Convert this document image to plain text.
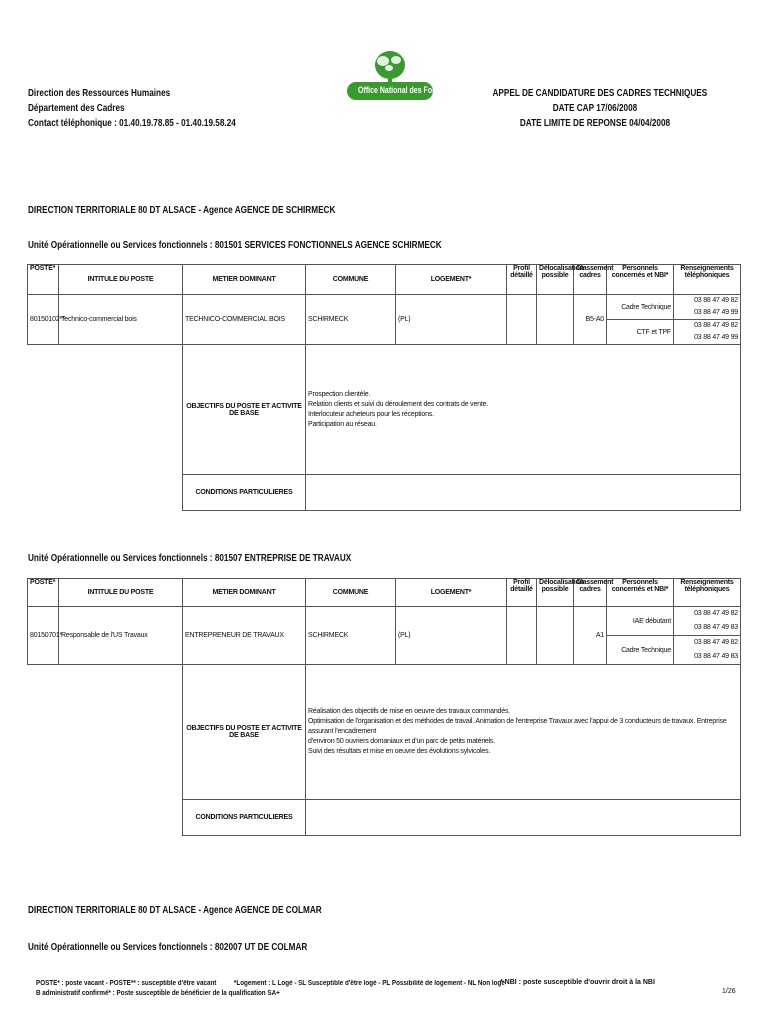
Direction des Ressources Humaines
Département des Cadres
Contact téléphonique : 01.40.19.78.85 - 01.40.19.58.24
Office National des Forêts	APPEL DE CANDIDATURE DES CADRES TECHNIQUES
DATE CAP 17/06/2008
DATE LIMITE DE REPONSE 04/04/2008
DIRECTION TERRITORIALE 80 DT ALSACE - Agence AGENCE DE SCHIRMECK
Unité Opérationnelle ou Services fonctionnels : 801501 SERVICES FONCTIONNELS AGENCE SCHIRMECK
POSTE*	INTITULE DU POSTE	METIER DOMINANT	COMMUNE	LOGEMENT*	Profil détaillé	Délocalisation possible	Classement cadres	Personnels concernés et NBI*	Renseignements téléphoniques
80150102**	Technico-commercial bois	TECHNICO-COMMERCIAL BOIS	SCHIRMECK	(PL)			B5-A0	Cadre Technique	03 88 47 49 82
03 88 47 49 99

								CTF et TPF	03 88 47 49 82
03 88 47 49 99

		OBJECTIFS DU POSTE ET ACTIVITE DE BASE	Prospection clientèle.
Relation clients et suivi du déroulement des contrats de vente.
Interlocuteur acheteurs pour les réceptions.
Participation au réseau.						

		CONDITIONS PARTICULIERES							
Unité Opérationnelle ou Services fonctionnels : 801507 ENTREPRISE DE TRAVAUX
POSTE*	INTITULE DU POSTE	METIER DOMINANT	COMMUNE	LOGEMENT*	Profil détaillé	Délocalisation possible	Classement cadres	Personnels concernés et NBI*	Renseignements téléphoniques
80150701*	Responsable de l'US Travaux	ENTREPRENEUR DE TRAVAUX	SCHIRMECK	(PL)			A1	IAE débutant	03 88 47 49 82
03 88 47 49 83

								Cadre Technique	03 88 47 49 82
03 88 47 49 83

		OBJECTIFS DU POSTE ET ACTIVITE DE BASE	Réalisation des objectifs de mise en oeuvre des travaux commandés.
Optimisation de l'organisation et des méthodes de travail. Animation de l'entreprise Travaux avec l'appui de 3 conducteurs de travaux. Entreprise assurant l'encadrement
d'environ 50 ouvriers domaniaux et d'un parc de petits matériels.
Suivi des résultats et mise en oeuvre des évolutions sylvicoles.						

		CONDITIONS PARTICULIERES							
DIRECTION TERRITORIALE 80 DT ALSACE - Agence AGENCE DE COLMAR
Unité Opérationnelle ou Services fonctionnels : 802007 UT DE COLMAR
POSTE* : poste vacant - POSTE** : susceptible d'être vacant          *Logement : L Logé - SL Susceptible d'être logé - PL Possibilité de logement - NL Non logé
B administratif confirmé* : Poste susceptible de bénéficier de la qualification SA+
* NBI : poste susceptible d'ouvrir droit à la NBI
1/26
